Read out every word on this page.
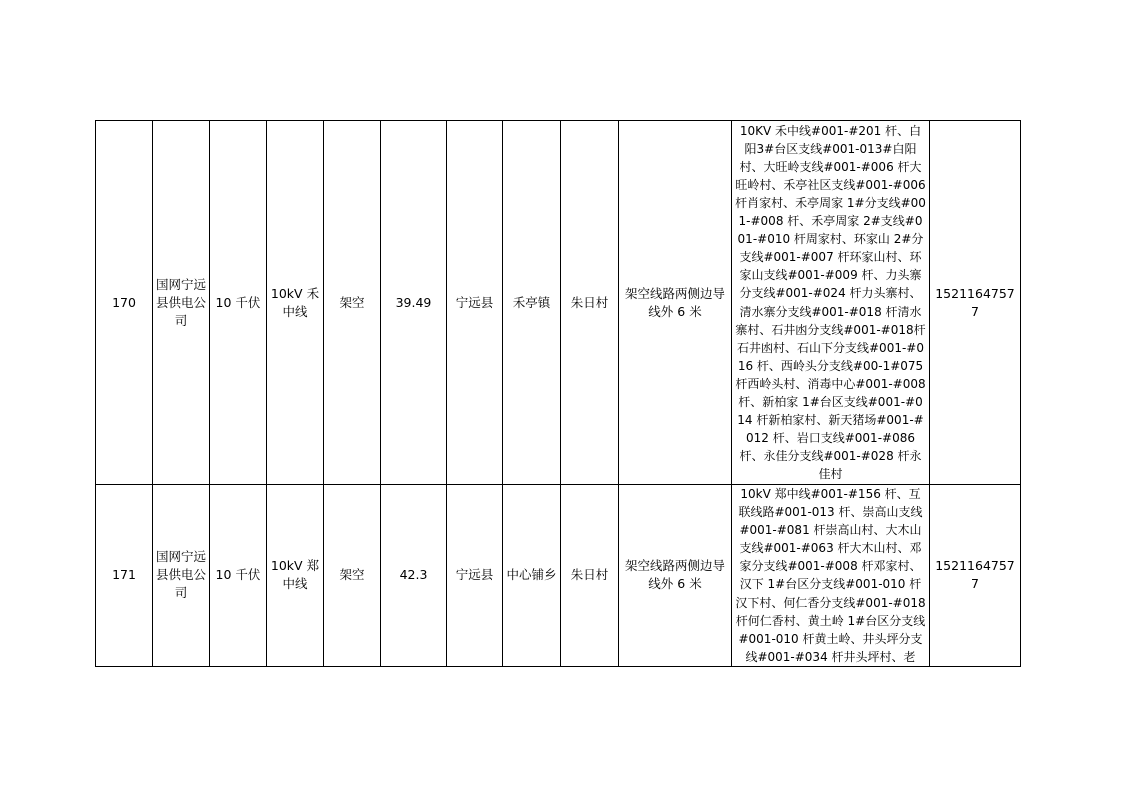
170	国网宁远县供电公司	10 千伏	10kV 禾中线	架空	39.49	宁远县	禾亭镇	朱日村	架空线路两侧边导线外 6 米	10KV 禾中线#001-#201 杆、白阳3#台区支线#001-013#白阳村、大旺岭支线#001-#006 杆大旺岭村、禾亭社区支线#001-#006 杆肖家村、禾亭周家 1#分支线#001-#008 杆、禾亭周家 2#支线#001-#010 杆周家村、环家山 2#分支线#001-#007 杆环家山村、环家山支线#001-#009 杆、力头寨分支线#001-#024 杆力头寨村、清水寨分支线#001-#018 杆清水寨村、石井凼分支线#001-#018杆石井凼村、石山下分支线#001-#016 杆、西岭头分支线#00-1#075 杆西岭头村、消毒中心#001-#008 杆、新柏家 1#台区支线#001-#014 杆新柏家村、新天猪场#001-#012 杆、岩口支线#001-#086 杆、永佳分支线#001-#028 杆永佳村	15211647577
171	国网宁远县供电公司	10 千伏	10kV 郑中线	架空	42.3	宁远县	中心铺乡	朱日村	架空线路两侧边导线外 6 米	10kV 郑中线#001-#156 杆、互联线路#001-013 杆、崇高山支线#001-#081 杆崇高山村、大木山支线#001-#063 杆大木山村、邓家分支线#001-#008 杆邓家村、汉下 1#台区分支线#001-010 杆汉下村、何仁香分支线#001-#018杆何仁香村、黄土岭 1#台区分支线#001-010 杆黄土岭、井头坪分支线#001-#034 杆井头坪村、老	15211647577
